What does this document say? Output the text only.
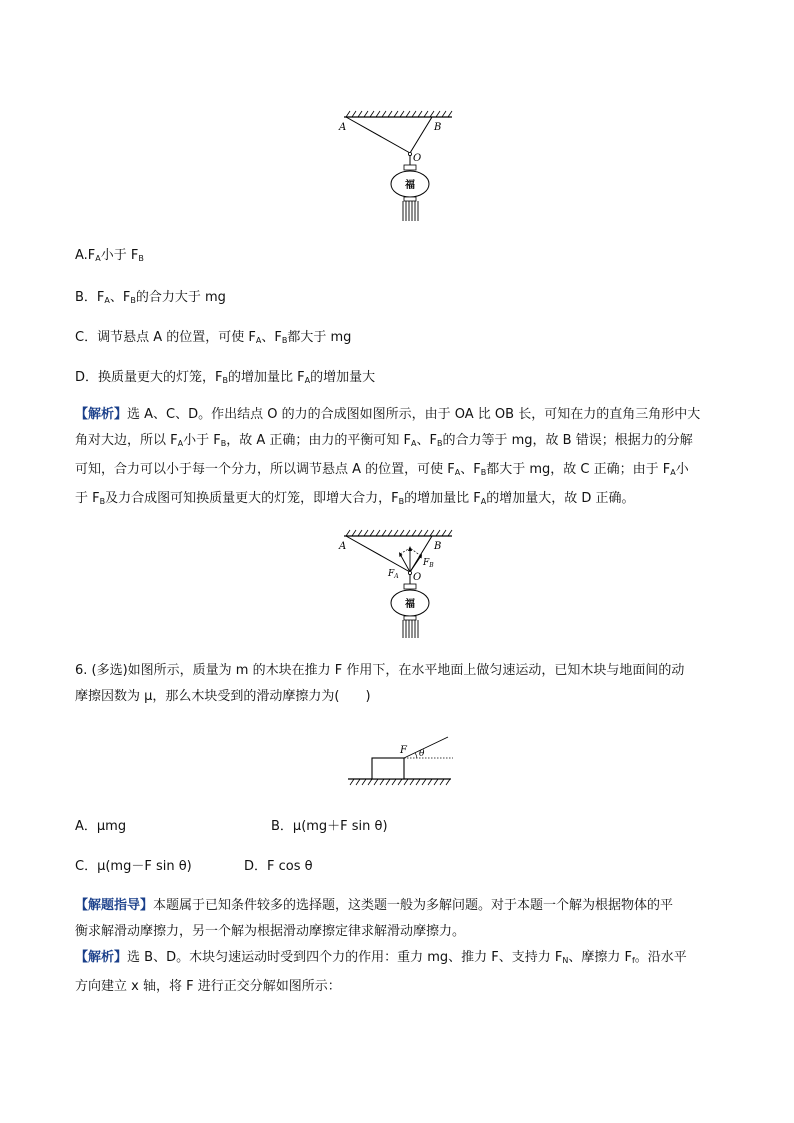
A	B
O
福
$A.F_A$小于 $F_B$
B．$F_A$、$F_B$的合力大于 mg
C．调节悬点 A 的位置，可使 $F_A$、$F_B$都大于 mg
D．换质量更大的灯笼，$F_B$的增加量比 $F_A$的增加量大
【解析】选 A、C、D。作出结点 O 的力的合成图如图所示，由于 OA 比 OB 长，可知在力的直角三角形中大
角对大边，所以 $F_A$小于 $F_B$，故 A 正确；由力的平衡可知 $F_A$、$F_B$的合力等于 mg，故 B 错误；根据力的分解
可知，合力可以小于每一个分力，所以调节悬点 A 的位置，可使 $F_A$、$F_B$都大于 mg，故 C 正确；由于 $F_A$小
于 $F_B$及力合成图可知换质量更大的灯笼，即增大合力，$F_B$的增加量比 $F_A$的增加量大，故 D 正确。
A	B
O
$F_A$
$F_B$
福
6. (多选)如图所示，质量为 m 的木块在推力 F 作用下，在水平地面上做匀速运动，已知木块与地面间的动
摩擦因数为 μ，那么木块受到的滑动摩擦力为(　　)
F θ
A．μmg	B．μ(mg＋F sin θ)
C．μ(mg－F sin θ)	D．F cos θ
【解题指导】本题属于已知条件较多的选择题，这类题一般为多解问题。对于本题一个解为根据物体的平
衡求解滑动摩擦力，另一个解为根据滑动摩擦定律求解滑动摩擦力。
【解析】选 B、D。木块匀速运动时受到四个力的作用：重力 mg、推力 F、支持力 $F_N$、摩擦力 $F_f$。沿水平
方向建立 x 轴，将 F 进行正交分解如图所示：
